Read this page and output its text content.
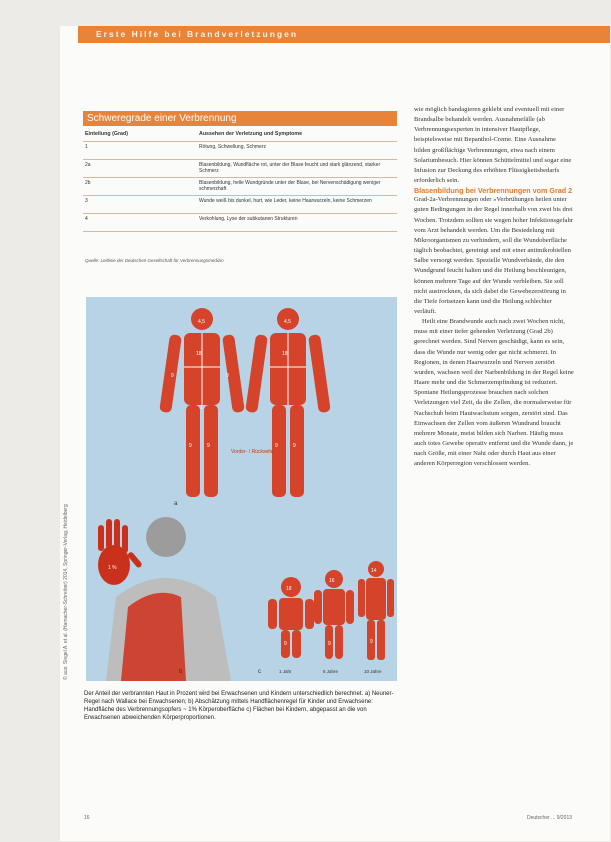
Erste Hilfe bei Brandverletzungen
Schweregrade einer Verbrennung
Einteilung (Grad)	Aussehen der Verletzung und Symptome
1	Rötung, Schwellung, Schmerz
2a	Blasenbildung, Wundfläche rot, unter der Blase feucht und stark glänzend, starker Schmerz
2b	Blasenbildung, helle Wundgründe unter der Blase, bei Nervenschädigung weniger schmerzhaft
3	Wunde weiß bis dunkel, hart, wie Leder, keine Haarwurzeln, keine Schmerzen
4	Verkohlung, Lyse der subkutanen Strukturen
Quelle: Leitlinie der Deutschen Gesellschaft für Verbrennungsmedizin
4,5	4,5
18	18
9	9
1
9	9	9	9
Vorder- / Rückseite
a
1 %
b
18
16
14
9	9	9
1 Jahr	5 Jahre	10 Jahre
c
© aus: Siegel A. et al. (Hamacher-Schreiber) 2014, Springer-Verlag, Heidelberg
Der Anteil der verbrannten Haut in Prozent wird bei Erwachsenen und Kindern unterschiedlich berechnet. a) Neuner-Regel nach Wallace bei Erwachsenen; b) Abschätzung mittels Handflächenregel für Kinder und Erwachsene: Handfläche des Verbrennungsopfers ~ 1% Körperoberfläche c) Flächen bei Kindern, abgepasst an die von Erwachsenen abweichenden Körperproportionen.

wie möglich bandagieren geklebt und eventuell mit einer Brandsalbe behandelt werden. Ausnahmefälle (ab Verbrennungsexperten in intensiver Hautpflege, beispielsweise mit Bepanthol-Creme. Eine Ausnahme bilden großflächige Verbrennungen, etwa nach einem Solariumbesuch. Hier können Schüttelmittel und sogar eine Infusion zur Deckung des erhöhten Flüssigkeitsbedarfs erforderlich sein.

Blasenbildung bei Verbrennungen vom Grad 2

Grad-2a-Verbrennungen oder »Verbrühungen heilen unter guten Bedingungen in der Regel innerhalb von zwei bis drei Wochen. Trotzdem sollten sie wegen hoher Infektionsgefahr vom Arzt behandelt werden. Um die Besiedelung mit Mikroorganismen zu verhindern, soll die Wundoberfläche täglich beobachtet, gereinigt und mit einer antimikrobiellen Salbe versorgt werden. Spezielle Wundverbände, die den Wundgrund feucht halten und die Heilung beschleunigen, können mehrere Tage auf der Wunde verbleiben. Sie soll nicht austrocknen, da sich dabei die Gewebezerstörung in die Tiefe fortsetzen kann und die Heilung schlechter verläuft.

Heilt eine Brandwunde auch nach zwei Wochen nicht, muss mit einer tiefer gehenden Verletzung (Grad 2b) gerechnet werden. Sind Nerven geschädigt, kann es sein, dass die Wunde nur wenig oder gar nicht schmerzt. In Regionen, in denen Haarwurzeln und Nerven zerstört wurden, wachsen weil der Narbenbildung in der Regel keine Haare mehr und die Schmerzempfindung ist reduziert. Spontane Heilungsprozesse brauchen nach solchen Verletzungen viel Zeit, da die Zellen, die normalerweise für Nachschub beim Hautwachstum sorgen, zerstört sind. Das Einwachsen der Zellen vom äußeren Wundrand braucht mehrere Monate, meist bilden sich Narben. Häufig muss auch totes Gewebe operativ entfernt und die Wunde dann, je nach Größe, mit einer Naht oder durch Haut aus einer anderen Körperregion verschlossen werden.

16	Deutscher ... 9/2013
